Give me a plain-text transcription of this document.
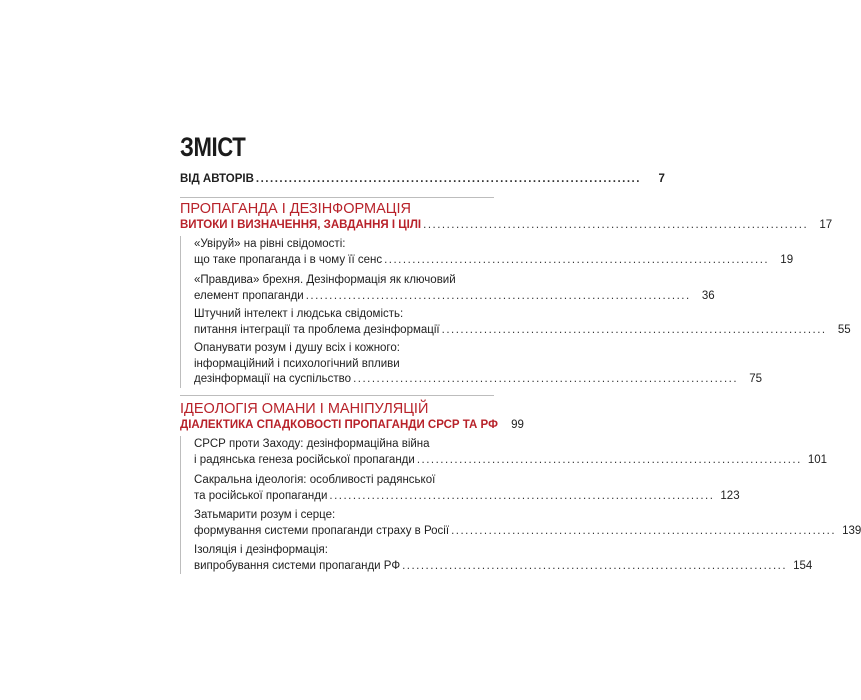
ЗМІСТ
ВІД АВТОРІВ ..................................................................................	7
ПРОПАГАНДА І ДЕЗІНФОРМАЦІЯ
ВИТОКИ І ВИЗНАЧЕННЯ, ЗАВДАННЯ І ЦІЛІ .................................................................................. 17
«Увіруй» на рівні свідомості:
що таке пропаганда і в чому її сенс .................................................................................. 19
«Правдива» брехня. Дезінформація як ключовий
елемент пропаганди .................................................................................. 36
Штучний інтелект і людська свідомість:
питання інтеграції та проблема дезінформації .................................................................................. 55
Опанувати розум і душу всіх і кожного:
інформаційний і психологічний впливи
дезінформації на суспільство .................................................................................. 75
ІДЕОЛОГІЯ ОМАНИ І МАНІПУЛЯЦІЙ
ДІАЛЕКТИКА СПАДКОВОСТІ ПРОПАГАНДИ СРСР ТА РФ	99
СРСР проти Заходу: дезінформаційна війна
і радянська генеза російської пропаганди .................................................................................. 101
Сакральна ідеологія: особливості радянської
та російської пропаганди .................................................................................. 123
Затьмарити розум і серце:
формування системи пропаганди страху в Росії .................................................................................. 139
Ізоляція і дезінформація:
випробування системи пропаганди РФ .................................................................................. 154
